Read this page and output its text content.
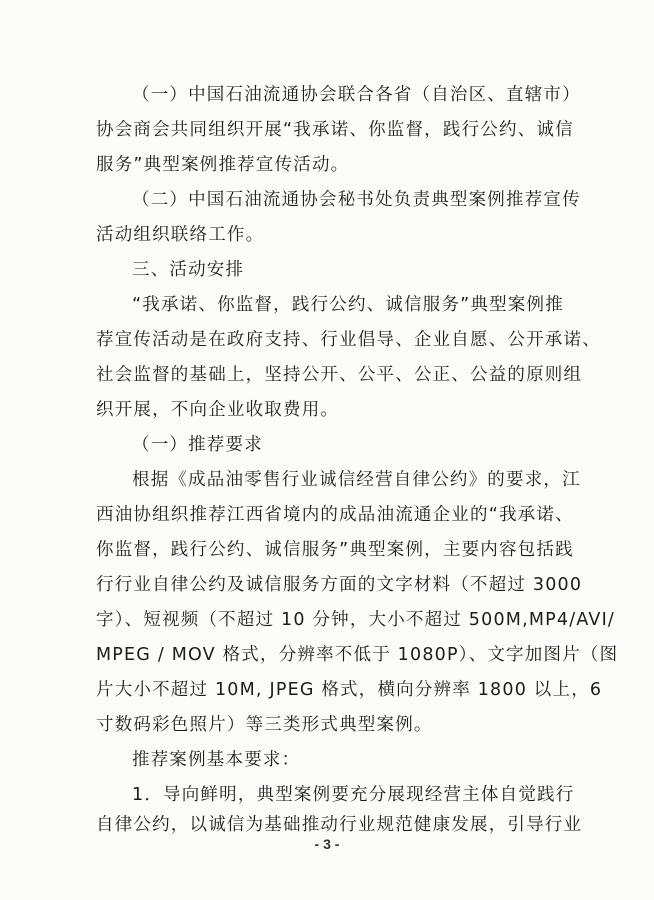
（一）中国石油流通协会联合各省（自治区、直辖市）
协会商会共同组织开展“我承诺、你监督，践行公约、诚信
服务”典型案例推荐宣传活动。
（二）中国石油流通协会秘书处负责典型案例推荐宣传
活动组织联络工作。
三、活动安排
“我承诺、你监督，践行公约、诚信服务”典型案例推
荐宣传活动是在政府支持、行业倡导、企业自愿、公开承诺、
社会监督的基础上，坚持公开、公平、公正、公益的原则组
织开展，不向企业收取费用。
（一）推荐要求
根据《成品油零售行业诚信经营自律公约》的要求，江
西油协组织推荐江西省境内的成品油流通企业的“我承诺、
你监督，践行公约、诚信服务”典型案例，主要内容包括践
行行业自律公约及诚信服务方面的文字材料（不超过 3000
字）、短视频（不超过 10 分钟，大小不超过 500M,MP4/AVI/
MPEG / MOV 格式，分辨率不低于 1080P）、文字加图片（图
片大小不超过 10M, JPEG 格式，横向分辨率 1800 以上，6
寸数码彩色照片）等三类形式典型案例。
推荐案例基本要求：
1．导向鲜明，典型案例要充分展现经营主体自觉践行
自律公约，以诚信为基础推动行业规范健康发展，引导行业
- 3 -
